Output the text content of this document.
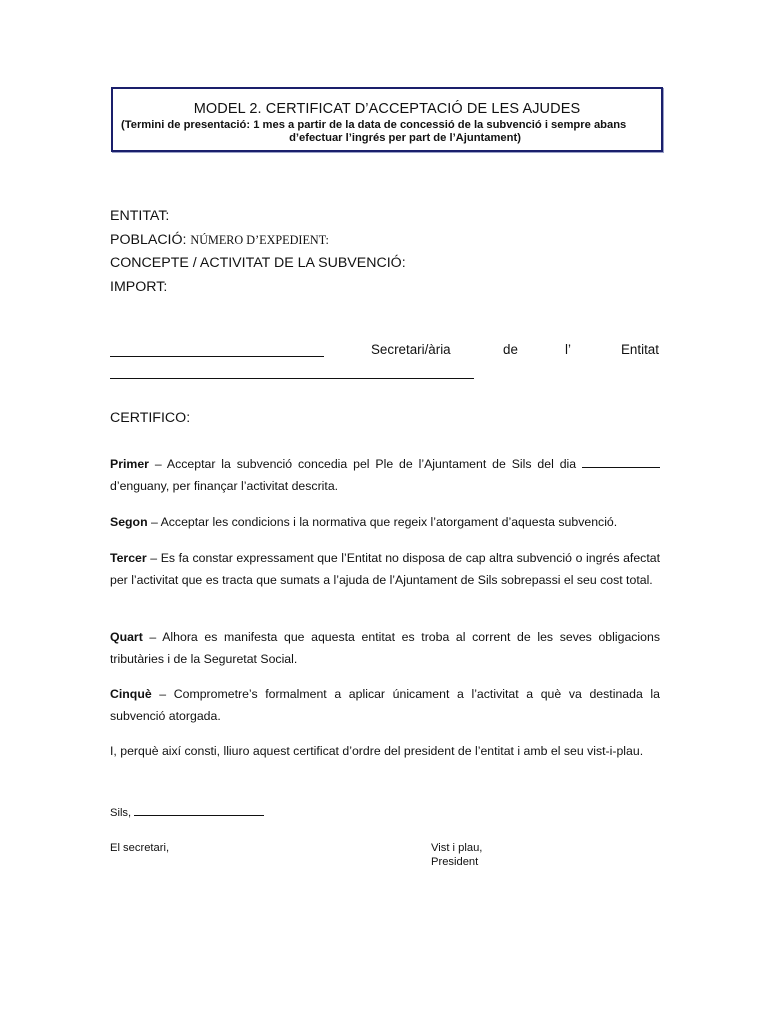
MODEL 2. CERTIFICAT D’ACCEPTACIÓ DE LES AJUDES
(Termini de presentació: 1 mes a partir de la data de concessió de la subvenció i sempre abans
d’efectuar l’ingrés per part de l’Ajuntament)
ENTITAT:
POBLACIÓ: NÚMERO D’EXPEDIENT:
CONCEPTE / ACTIVITAT DE LA SUBVENCIÓ:
IMPORT:
Secretari/ària	de	l’	Entitat
CERTIFICO:
Primer – Acceptar la subvenció concedia pel Ple de l’Ajuntament de Sils del dia  d’enguany, per finançar l’activitat descrita.
Segon – Acceptar les condicions i la normativa que regeix l’atorgament d’aquesta subvenció.
Tercer – Es fa constar expressament que l’Entitat no disposa de cap altra subvenció o ingrés afectat per l’activitat que es tracta que sumats a l’ajuda de l’Ajuntament de Sils sobrepassi el seu cost total.
Quart – Alhora es manifesta que aquesta entitat es troba al corrent de les seves obligacions tributàries i de la Seguretat Social.
Cinquè – Comprometre’s formalment a aplicar únicament a l’activitat a què va destinada la subvenció atorgada.
I, perquè així consti, lliuro aquest certificat d’ordre del president de l’entitat i amb el seu vist-i-plau.
Sils,
El secretari,	Vist i plau,
President
